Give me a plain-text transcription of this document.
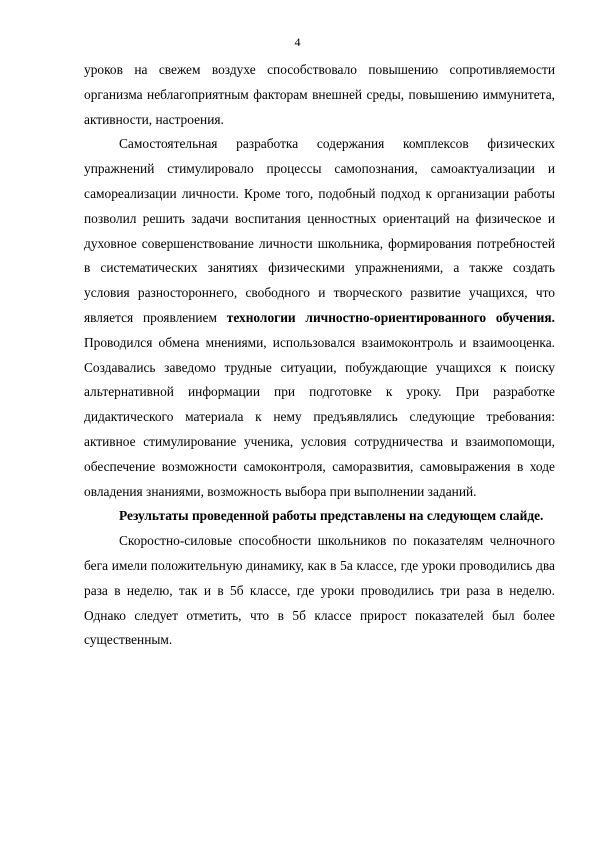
4

уроков на свежем воздухе способствовало повышению сопротивляемости организма неблагоприятным факторам внешней среды, повышению иммунитета, активности, настроения.

Самостоятельная разработка содержания комплексов физических упражнений стимулировало процессы самопознания, самоактуализации и самореализации личности. Кроме того, подобный подход к организации работы позволил решить задачи воспитания ценностных ориентаций на физическое и духовное совершенствование личности школьника, формирования потребностей в систематических занятиях физическими упражнениями, а также создать условия разностороннего, свободного и творческого развитие учащихся, что является проявлением технологии личностно-ориентированного обучения. Проводился обмена мнениями, использовался взаимоконтроль и взаимооценка. Создавались заведомо трудные ситуации, побуждающие учащихся к поиску альтернативной информации при подготовке к уроку. При разработке дидактического материала к нему предъявлялись следующие требования: активное стимулирование ученика, условия сотрудничества и взаимопомощи, обеспечение возможности самоконтроля, саморазвития, самовыражения в ходе овладения знаниями, возможность выбора при выполнении заданий.

Результаты проведенной работы представлены на следующем слайде.

Скоростно-силовые способности школьников по показателям челночного бега имели положительную динамику, как в 5а классе, где уроки проводились два раза в неделю, так и в 5б классе, где уроки проводились три раза в неделю. Однако следует отметить, что в 5б классе прирост показателей был более существенным.
